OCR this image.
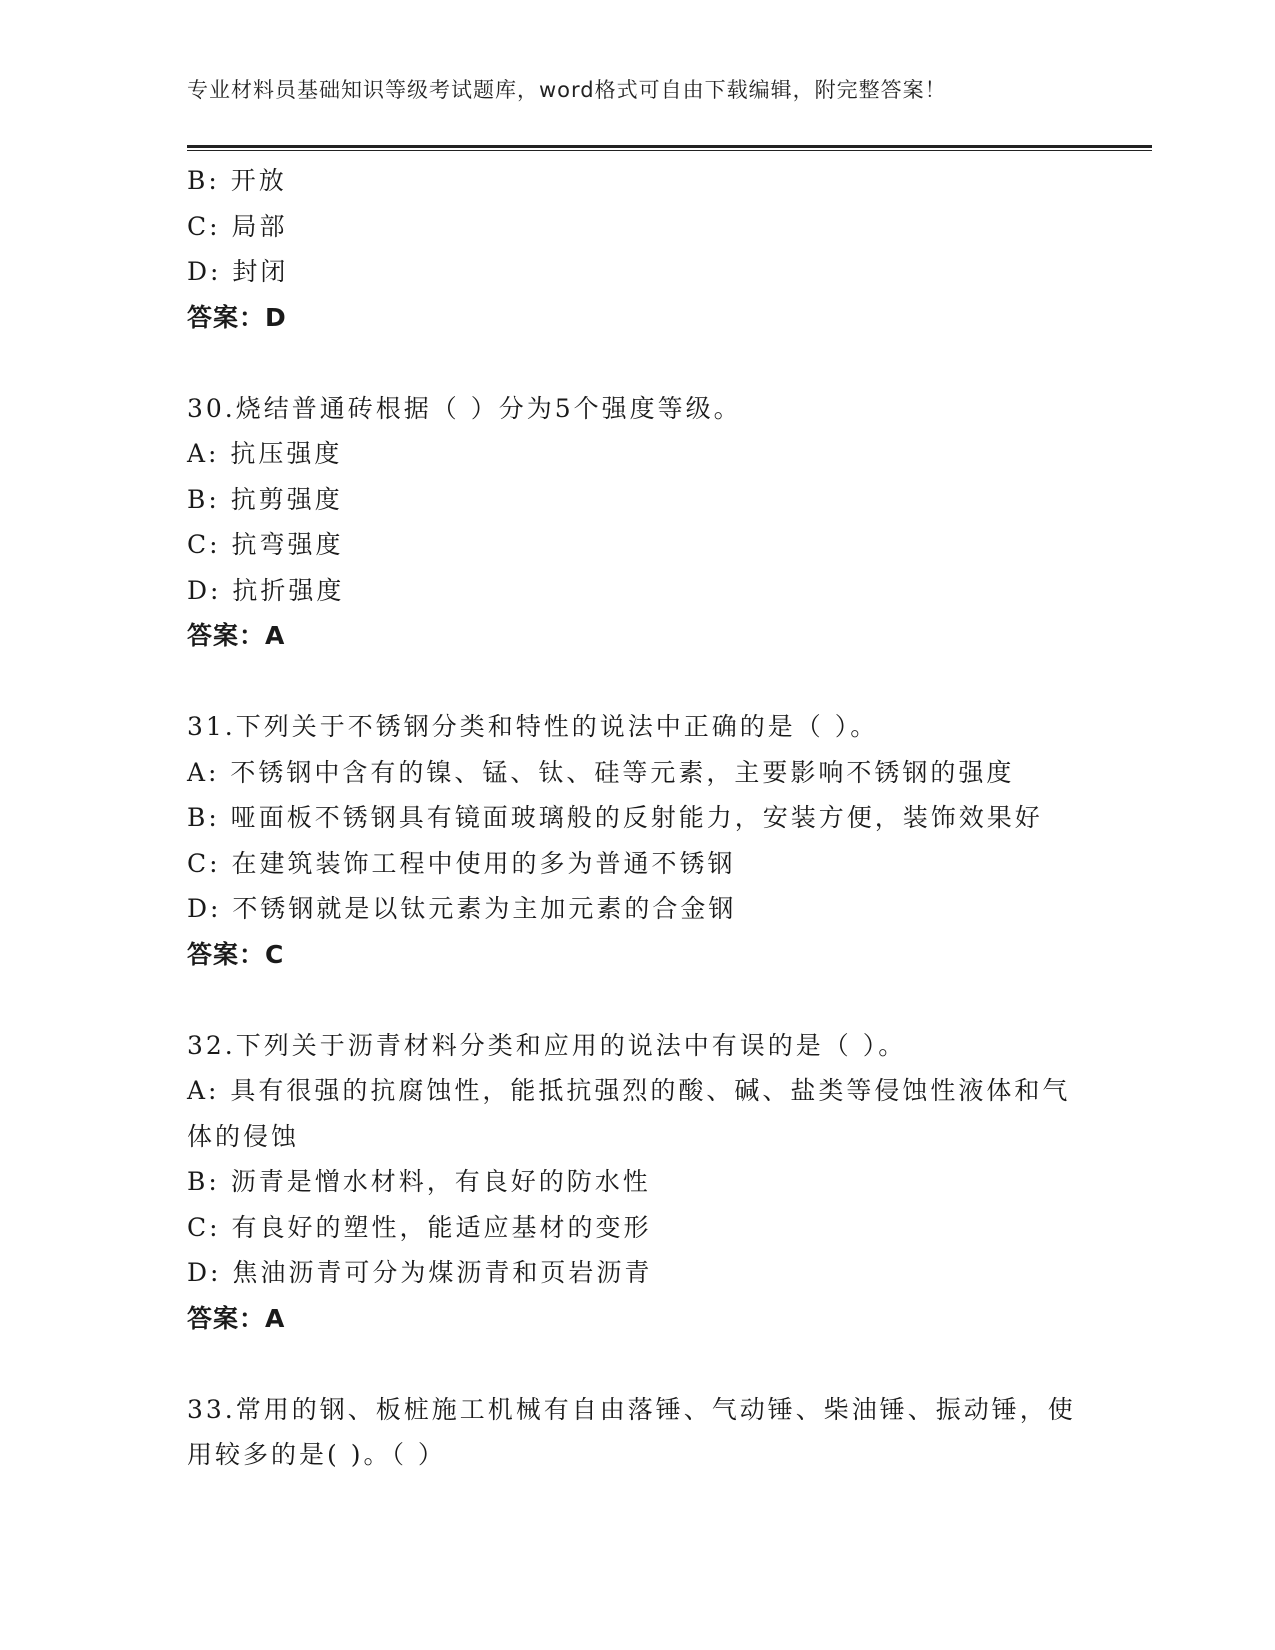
专业材料员基础知识等级考试题库，word格式可自由下载编辑，附完整答案！
B: 开放
C: 局部
D: 封闭
答案：D
30.烧结普通砖根据（ ）分为5个强度等级。
A: 抗压强度
B: 抗剪强度
C: 抗弯强度
D: 抗折强度
答案：A
31.下列关于不锈钢分类和特性的说法中正确的是（ ）。
A: 不锈钢中含有的镍、锰、钛、硅等元素，主要影响不锈钢的强度
B: 哑面板不锈钢具有镜面玻璃般的反射能力，安装方便，装饰效果好
C: 在建筑装饰工程中使用的多为普通不锈钢
D: 不锈钢就是以钛元素为主加元素的合金钢
答案：C
32.下列关于沥青材料分类和应用的说法中有误的是（ ）。
A: 具有很强的抗腐蚀性，能抵抗强烈的酸、碱、盐类等侵蚀性液体和气体的侵蚀
B: 沥青是憎水材料，有良好的防水性
C: 有良好的塑性，能适应基材的变形
D: 焦油沥青可分为煤沥青和页岩沥青
答案：A
33.常用的钢、板桩施工机械有自由落锤、气动锤、柴油锤、振动锤，使用较多的是( )。（ ）
